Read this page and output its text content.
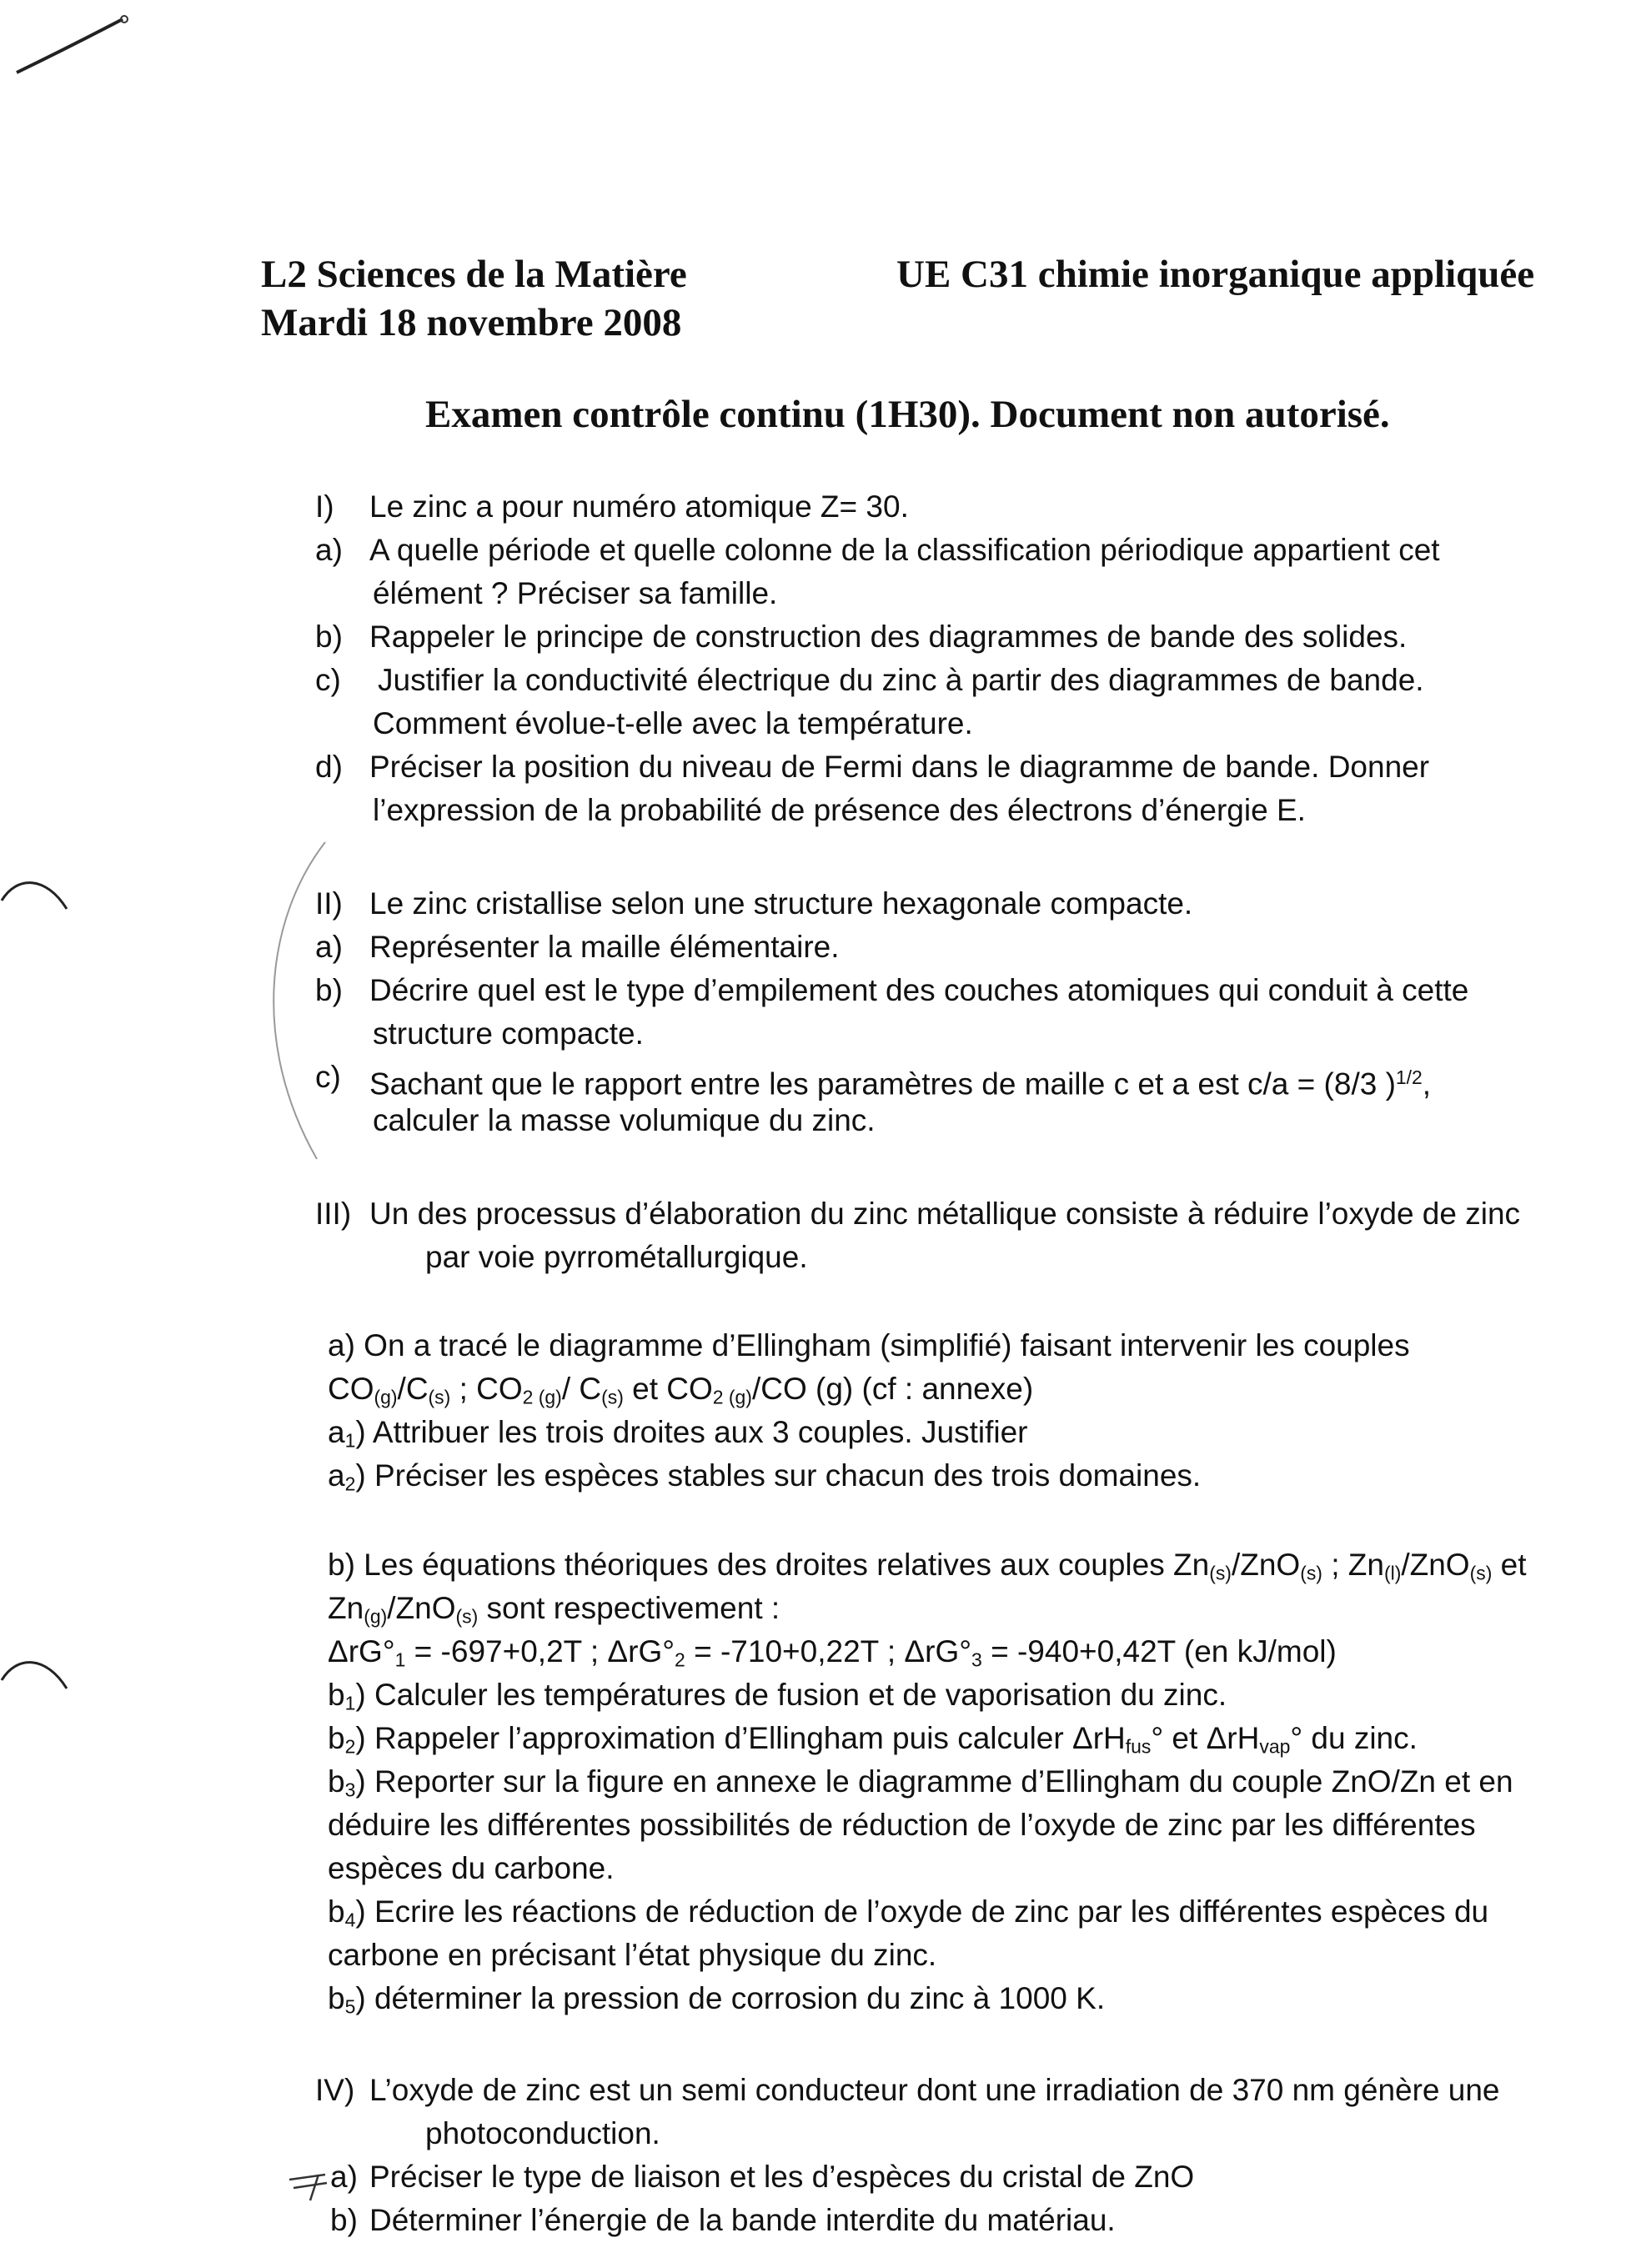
L2 Sciences de la Matière
Mardi 18 novembre 2008
UE C31 chimie inorganique appliquée
Examen contrôle continu (1H30). Document non autorisé.
I) Le zinc a pour numéro atomique Z= 30.
a) A quelle période et quelle colonne de la classification périodique appartient cet
élément ? Préciser sa famille.
b) Rappeler le principe de construction des diagrammes de bande des solides.
c) Justifier la conductivité électrique du zinc à partir des diagrammes de bande.
Comment évolue-t-elle avec la température.
d) Préciser la position du niveau de Fermi dans le diagramme de bande. Donner
l’expression de la probabilité de présence des électrons d’énergie E.
II) Le zinc cristallise selon une structure hexagonale compacte.
a) Représenter la maille élémentaire.
b) Décrire quel est le type d’empilement des couches atomiques qui conduit à cette
structure compacte.
c) Sachant que le rapport entre les paramètres de maille c et a est c/a = (8/3 )$^{1/2}$,
calculer la masse volumique du zinc.
III) Un des processus d’élaboration du zinc métallique consiste à réduire l’oxyde de zinc
par voie pyrrométallurgique.
a) On a tracé le diagramme d’Ellingham (simplifié) faisant intervenir les couples
$CO_{(g)}/C_{(s)}$ ; $CO_{2 (g)}/$ $C_{(s)}$ et $CO_{2 (g)}/CO$ (g) (cf : annexe)
$a_1$) Attribuer les trois droites aux 3 couples. Justifier
$a_2$) Préciser les espèces stables sur chacun des trois domaines.
b) Les équations théoriques des droites relatives aux couples $Zn_{(s)}/ZnO_{(s)}$ ; $Zn_{(l)}/ZnO_{(s)}$ et
$Zn_{(g)}/ZnO_{(s)}$ sont respectivement :
$\Delta rG^\circ_1 = -697+0,2T$ ; $\Delta rG^\circ_2 = -710+0,22T$ ; $\Delta rG^\circ_3 = -940+0,42T$ (en kJ/mol)
$b_1$) Calculer les températures de fusion et de vaporisation du zinc.
$b_2$) Rappeler l’approximation d’Ellingham puis calculer ΔrH$_{fus}$° et ΔrH$_{vap}$° du zinc.
$b_3$) Reporter sur la figure en annexe le diagramme d’Ellingham du couple ZnO/Zn et en
déduire les différentes possibilités de réduction de l’oxyde de zinc par les différentes
espèces du carbone.
$b_4$) Ecrire les réactions de réduction de l’oxyde de zinc par les différentes espèces du
carbone en précisant l’état physique du zinc.
$b_5$) déterminer la pression de corrosion du zinc à 1000 K.
IV) L’oxyde de zinc est un semi conducteur dont une irradiation de 370 nm génère une
photoconduction.
a) Préciser le type de liaison et les d’espèces du cristal de ZnO
b) Déterminer l’énergie de la bande interdite du matériau.
